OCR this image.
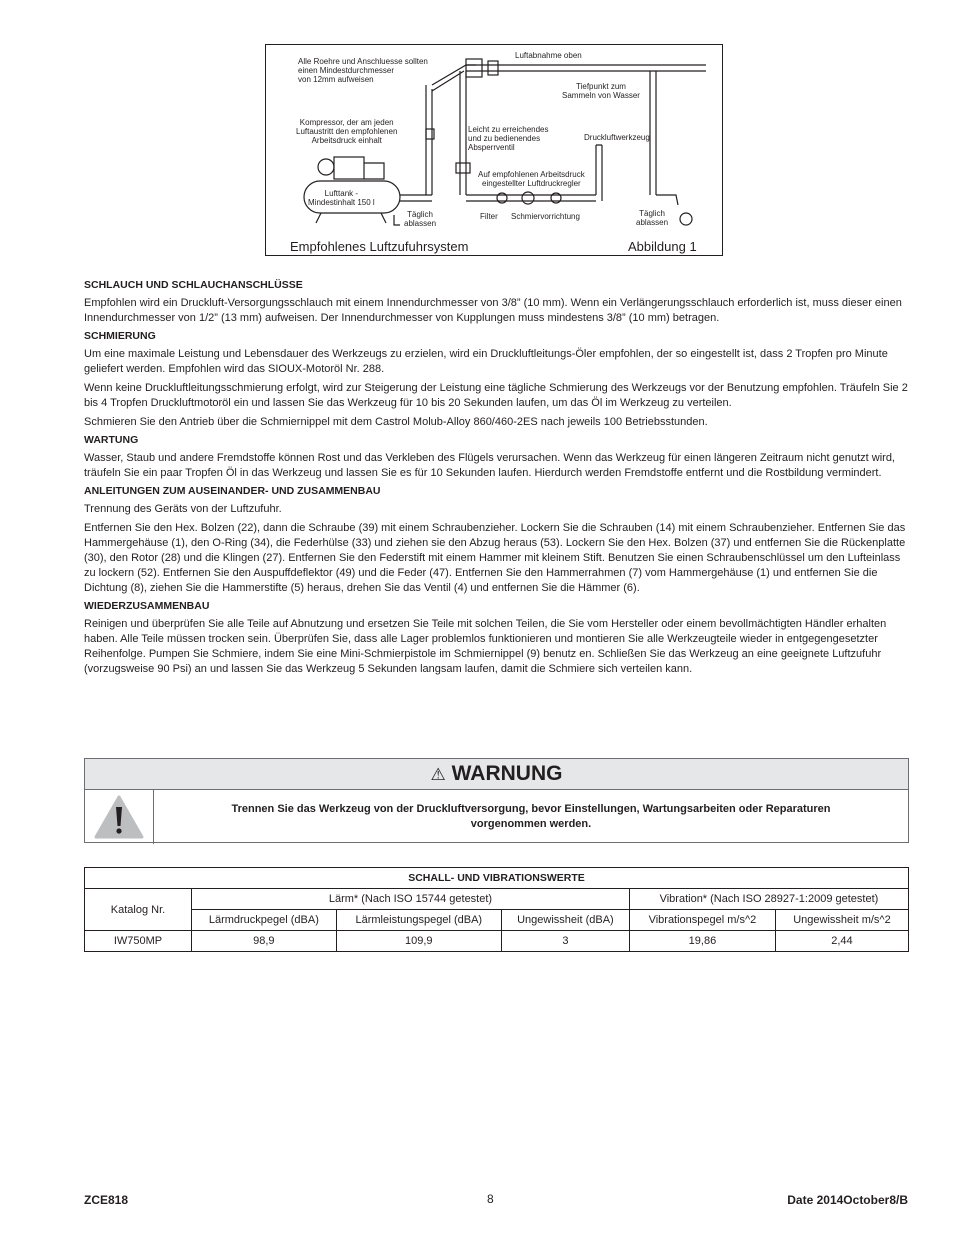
Alle Roehre und Anschluesse sollten
einen Mindestdurchmesser
von 12mm aufweisen
Luftabnahme oben
Tiefpunkt zum
Sammeln von Wasser
Kompressor, der am jeden
Luftaustritt den empfohlenen
Arbeitsdruck einhalt
Leicht zu erreichendes
und zu bedienendes
Absperrventil
Druckluftwerkzeug
Auf empfohlenen Arbeitsdruck
eingestellter Luftdruckregler
Lufttank -
Mindestinhalt 150 l
Täglich
ablassen
Filter Schmiervorrichtung	Täglich
ablassen
Empfohlenes Luftzufuhrsystem	Abbildung 1
SCHLAUCH UND SCHLAUCHANSCHLÜSSE

Empfohlen wird ein Druckluft-Versorgungsschlauch mit einem Innendurchmesser von 3/8” (10 mm). Wenn ein Verlängerungsschlauch erforderlich ist, muss dieser einen Innendurchmesser von 1/2” (13 mm) aufweisen. Der Innendurchmesser von Kupplungen muss mindestens 3/8” (10 mm) betragen.

SCHMIERUNG

Um eine maximale Leistung und Lebensdauer des Werkzeugs zu erzielen, wird ein Druckluftleitungs-Öler empfohlen, der so eingestellt ist, dass 2 Tropfen pro Minute geliefert werden. Empfohlen wird das SIOUX-Motoröl Nr. 288.

Wenn keine Druckluftleitungsschmierung erfolgt, wird zur Steigerung der Leistung eine tägliche Schmierung des Werkzeugs vor der Benutzung empfohlen. Träufeln Sie 2 bis 4 Tropfen Druckluftmotoröl ein und lassen Sie das Werkzeug für 10 bis 20 Sekunden laufen, um das Öl im Werkzeug zu verteilen.

Schmieren Sie den Antrieb über die Schmiernippel mit dem Castrol Molub-Alloy 860/460-2ES nach jeweils 100 Betriebsstunden.

WARTUNG

Wasser, Staub und andere Fremdstoffe können Rost und das Verkleben des Flügels verursachen. Wenn das Werkzeug für einen längeren Zeitraum nicht genutzt wird, träufeln Sie ein paar Tropfen Öl in das Werkzeug und lassen Sie es für 10 Sekunden laufen. Hierdurch werden Fremdstoffe entfernt und die Rostbildung vermindert.

ANLEITUNGEN ZUM AUSEINANDER- UND ZUSAMMENBAU

Trennung des Geräts von der Luftzufuhr.

Entfernen Sie den Hex. Bolzen (22), dann die Schraube (39) mit einem Schraubenzieher. Lockern Sie die Schrauben (14) mit einem Schraubenzieher. Entfernen Sie das Hammergehäuse (1), den O-Ring (34), die Federhülse (33) und ziehen sie den Abzug heraus (53). Lockern Sie den Hex. Bolzen (37) und entfernen Sie die Rückenplatte (30), den Rotor (28) und die Klingen (27). Entfernen Sie den Federstift mit einem Hammer mit kleinem Stift. Benutzen Sie einen Schraubenschlüssel um den Lufteinlass zu lockern (52). Entfernen Sie den Auspuffdeflektor (49) und die Feder (47). Entfernen Sie den Hammerrahmen (7) vom Hammergehäuse (1) und entfernen Sie die Dichtung (8), ziehen Sie die Hammerstifte (5) heraus, drehen Sie das Ventil (4) und entfernen Sie die Hämmer (6).

WIEDERZUSAMMENBAU

Reinigen und überprüfen Sie alle Teile auf Abnutzung und ersetzen Sie Teile mit solchen Teilen, die Sie vom Hersteller oder einem bevollmächtigten Händler erhalten haben. Alle Teile müssen trocken sein. Überprüfen Sie, dass alle Lager problemlos funktionieren und montieren Sie alle Werkzeugteile wieder in entgegengesetzter Reihenfolge. Pumpen Sie Schmiere, indem Sie eine Mini-Schmierpistole im Schmiernippel (9) benutz en. Schließen Sie das Werkzeug an eine geeignete Luftzufuhr (vorzugsweise 90 Psi) an und lassen Sie das Werkzeug 5 Sekunden langsam laufen, damit die Schmiere sich verteilen kann.

⚠ WARNUNG
Trennen Sie das Werkzeug von der Druckluftversorgung, bevor Einstellungen, Wartungsarbeiten oder Reparaturen vorgenommen werden.
SCHALL- UND VIBRATIONSWERTE					
Katalog Nr.	Lärm* (Nach ISO 15744 getestet)			Vibration* (Nach ISO 28927-1:2009 getestet)	
	Lärmdruckpegel (dBA)	Lärmleistungspegel (dBA)	Ungewissheit (dBA)	Vibrationspegel m/s^2	Ungewissheit m/s^2
IW750MP	98,9	109,9	3	19,86	2,44
ZCE818	8	Date 2014October8/B
